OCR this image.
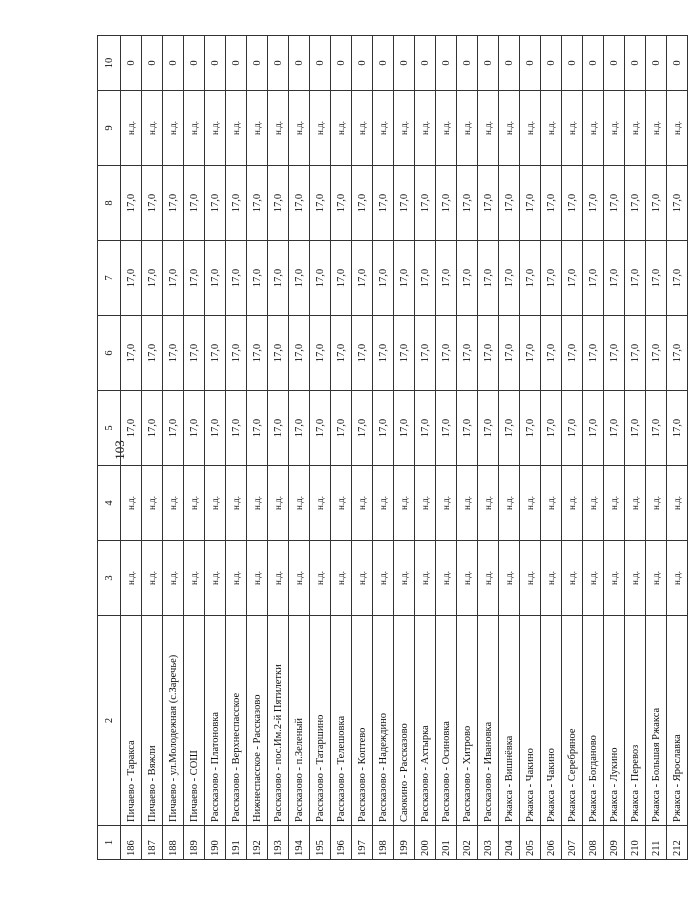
103
1	2	3	4	5	6	7	8	9	10
186	Пичаево - Таракса	н.д.	н.д.	17,0	17,0	17,0	17,0	н.д.	0
187	Пичаево - Вяжли	н.д.	н.д.	17,0	17,0	17,0	17,0	н.д.	0
188	Пичаево - ул.Молодежная (с.Заречье)	н.д.	н.д.	17,0	17,0	17,0	17,0	н.д.	0
189	Пичаево - СОШ	н.д.	н.д.	17,0	17,0	17,0	17,0	н.д.	0
190	Рассказово - Платоновка	н.д.	н.д.	17,0	17,0	17,0	17,0	н.д.	0
191	Рассказово - Верхнеспасское	н.д.	н.д.	17,0	17,0	17,0	17,0	н.д.	0
192	Нижнеспасское - Рассказово	н.д.	н.д.	17,0	17,0	17,0	17,0	н.д.	0
193	Рассказово - пос.Им.2-й Пятилетки	н.д.	н.д.	17,0	17,0	17,0	17,0	н.д.	0
194	Рассказово - п.Зеленый	н.д.	н.д.	17,0	17,0	17,0	17,0	н.д.	0
195	Рассказово - Татаршино	н.д.	н.д.	17,0	17,0	17,0	17,0	н.д.	0
196	Рассказово - Телешовка	н.д.	н.д.	17,0	17,0	17,0	17,0	н.д.	0
197	Рассказово - Коптево	н.д.	н.д.	17,0	17,0	17,0	17,0	н.д.	0
198	Рассказово - Надеждино	н.д.	н.д.	17,0	17,0	17,0	17,0	н.д.	0
199	Саюкино - Рассказово	н.д.	н.д.	17,0	17,0	17,0	17,0	н.д.	0
200	Рассказово - Ахтырка	н.д.	н.д.	17,0	17,0	17,0	17,0	н.д.	0
201	Рассказово - Осиновка	н.д.	н.д.	17,0	17,0	17,0	17,0	н.д.	0
202	Рассказово - Хитрово	н.д.	н.д.	17,0	17,0	17,0	17,0	н.д.	0
203	Рассказово - Ивановка	н.д.	н.д.	17,0	17,0	17,0	17,0	н.д.	0
204	Ржакса - Вишнёвка	н.д.	н.д.	17,0	17,0	17,0	17,0	н.д.	0
205	Ржакса - Чакино	н.д.	н.д.	17,0	17,0	17,0	17,0	н.д.	0
206	Ржакса - Чакино	н.д.	н.д.	17,0	17,0	17,0	17,0	н.д.	0
207	Ржакса - Серебряное	н.д.	н.д.	17,0	17,0	17,0	17,0	н.д.	0
208	Ржакса - Богданово	н.д.	н.д.	17,0	17,0	17,0	17,0	н.д.	0
209	Ржакса - Лукино	н.д.	н.д.	17,0	17,0	17,0	17,0	н.д.	0
210	Ржакса - Перевоз	н.д.	н.д.	17,0	17,0	17,0	17,0	н.д.	0
211	Ржакса - Большая Ржакса	н.д.	н.д.	17,0	17,0	17,0	17,0	н.д.	0
212	Ржакса - Ярославка	н.д.	н.д.	17,0	17,0	17,0	17,0	н.д.	0
